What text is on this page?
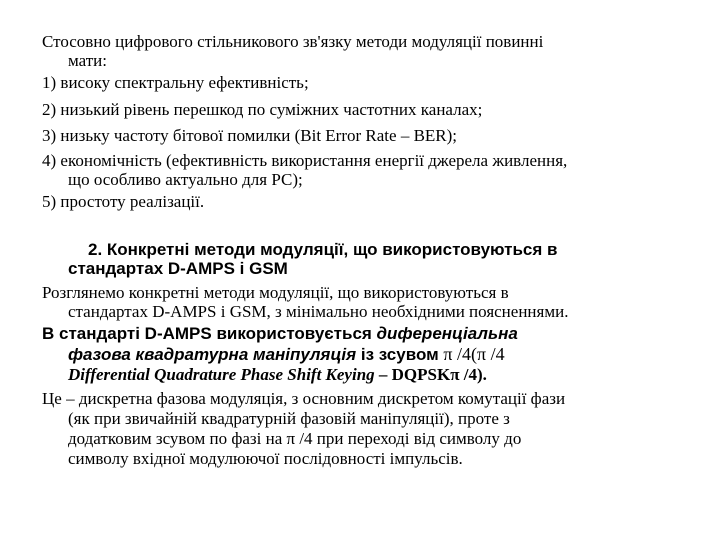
Стосовно цифрового стільникового зв'язку методи модуляції повинні
мати:
1) високу спектральну ефективність;
2) низький рівень перешкод по суміжних частотних каналах;
3) низьку частоту бітової помилки (Bit Error Rate – BER);
4) економічність (ефективність використання енергії джерела живлення,
що особливо актуально для РС);
5) простоту реалізації.
2. Конкретні методи модуляції, що використовуються в
стандартах D-AMPS і GSM
Розглянемо конкретні методи модуляції, що використовуються в
стандартах D-AMPS і GSM, з мінімально необхідними поясненнями.
В стандарті D-AMPS використовується диференціальна
фазова квадратурна маніпуляція із зсувом π /4(π /4
Differential Quadrature Phase Shift Keying – DQPSKπ /4).
Це – дискретна фазова модуляція, з основним дискретом комутації фази
(як при звичайній квадратурній фазовій маніпуляції), проте з
додатковим зсувом по фазі на π /4 при переході від символу до
символу вхідної модулюючої послідовності імпульсів.
